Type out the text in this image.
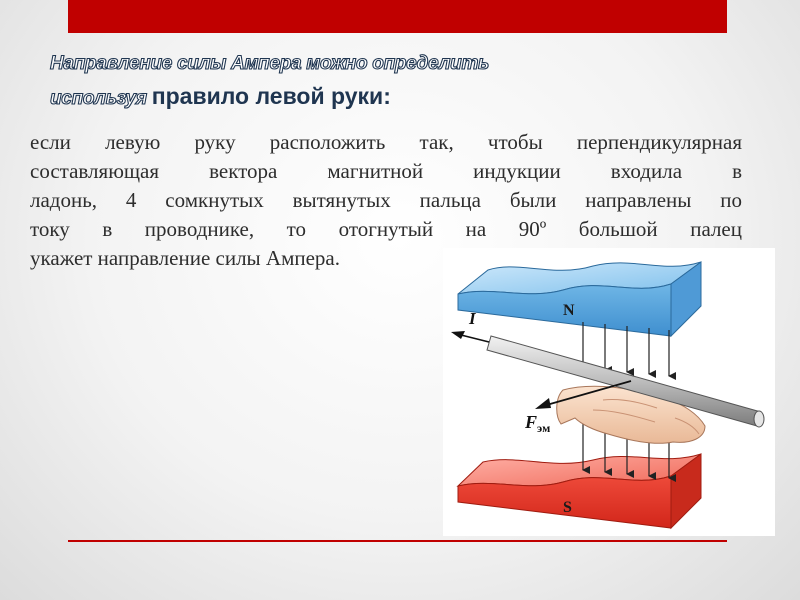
Направление силы Ампера можно определить
используя правило левой руки:
если левую руку расположить так, чтобы перпендикулярная
составляющая вектора магнитной индукции входила в
ладонь, 4 сомкнутых вытянутых пальца были направлены по
току в проводнике, то отогнутый на 90º большой палец
укажет направление силы Ампера.
N
S
I
F эм
